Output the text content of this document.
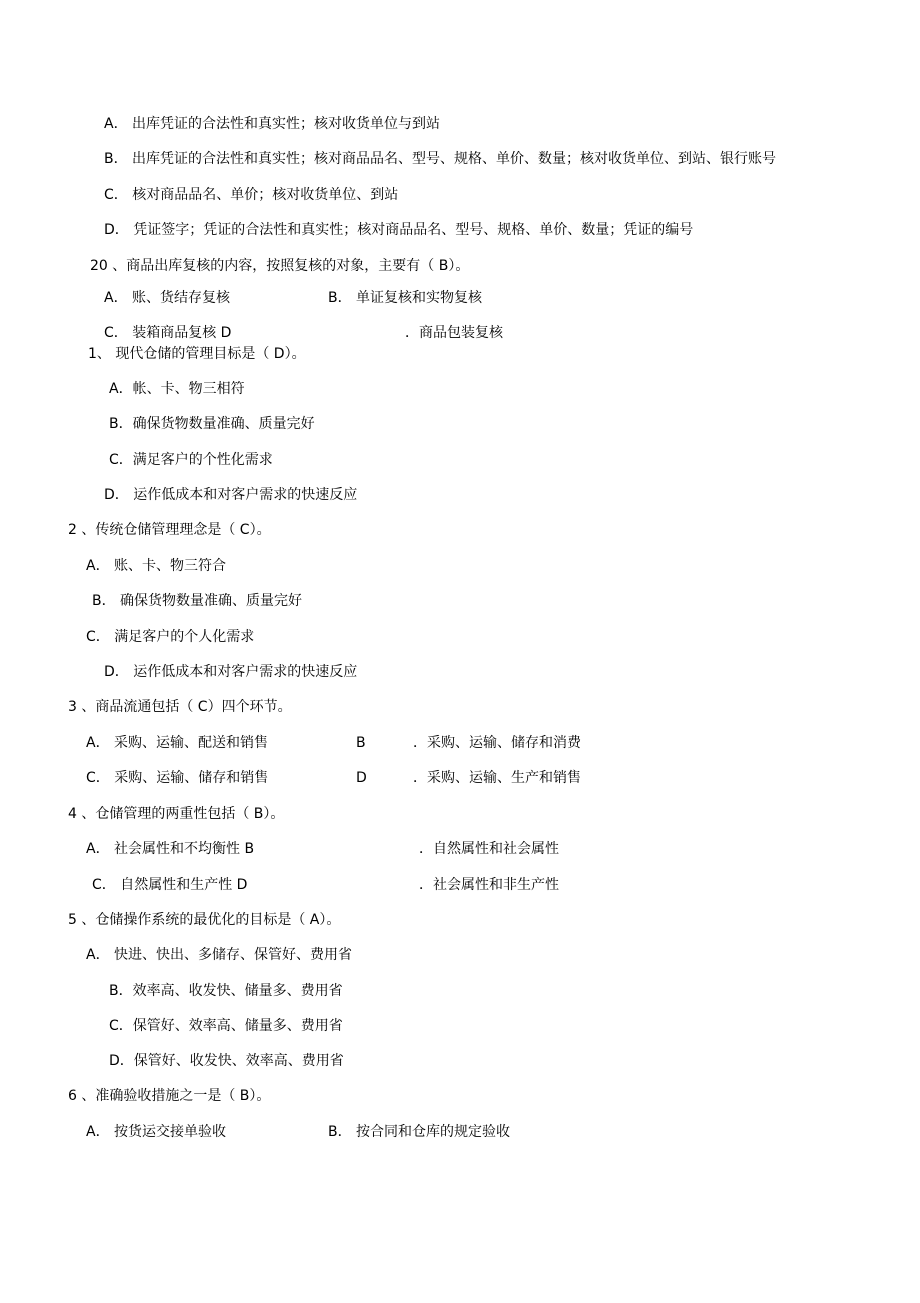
A． 出库凭证的合法性和真实性；核对收货单位与到站

B． 出库凭证的合法性和真实性；核对商品品名、型号、规格、单价、数量；核对收货单位、到站、银行账号

C． 核对商品品名、单价；核对收货单位、到站

D． 凭证签字；凭证的合法性和真实性；核对商品品名、型号、规格、单价、数量；凭证的编号

20 、商品出库复核的内容，按照复核的对象，主要有（ B）。

A． 账、货结存复核	B． 单证复核和实物复核

C． 装箱商品复核 D	．商品包装复核

1、 现代仓储的管理目标是（ D）。

A．帐、卡、物三相符

B．确保货物数量准确、质量完好

C．满足客户的个性化需求

D． 运作低成本和对客户需求的快速反应

2 、传统仓储管理理念是（ C）。

A． 账、卡、物三符合

B． 确保货物数量准确、质量完好

C． 满足客户的个人化需求

D． 运作低成本和对客户需求的快速反应

3 、商品流通包括（ C）四个环节。

A． 采购、运输、配送和销售	B	．采购、运输、储存和消费

C． 采购、运输、储存和销售	D	．采购、运输、生产和销售

4 、仓储管理的两重性包括（ B）。

A． 社会属性和不均衡性 B	．自然属性和社会属性

C． 自然属性和生产性 D	．社会属性和非生产性

5 、仓储操作系统的最优化的目标是（ A）。

A． 快进、快出、多储存、保管好、费用省

B．效率高、收发快、储量多、费用省

C．保管好、效率高、储量多、费用省

D．保管好、收发快、效率高、费用省

6 、准确验收措施之一是（ B）。

A． 按货运交接单验收	B． 按合同和仓库的规定验收
